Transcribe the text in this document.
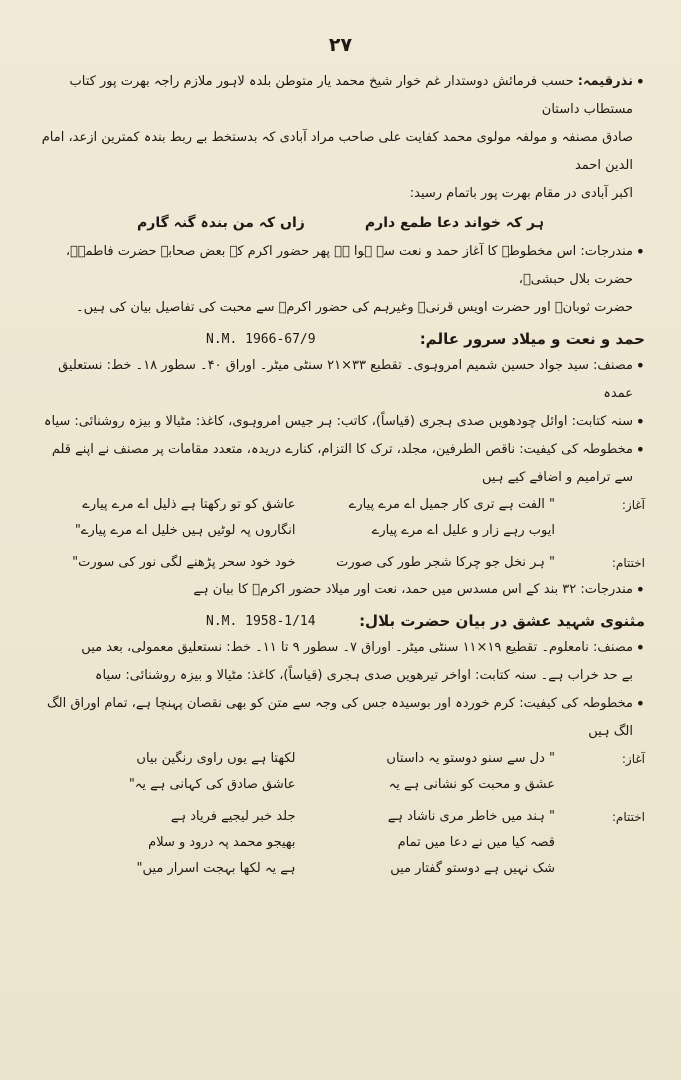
۲۷

•
نذرقیمہ: حسب فرمائش دوستدار غم خوار شیخ محمد یار متوطن بلدہ لاہور ملازم راجہ بھرت پور کتاب مستطاب داستان

صادق مصنفہ و مولفہ مولوی محمد کفایت علی صاحب مراد آبادی کہ بدستخط بے ربط بندہ کمترین ازعد، امام الدین احمد

اکبر آبادی در مقام بھرت پور باتمام رسید:

ہر کہ خواند دعا طمع دارم
زاں کہ من بندہ گنہ گارم

•
مندرجات: اس مخطوطہ کا آغاز حمد و نعت سے ہوا ہے پھر حضور اکرم کے بعض صحابہ حضرت فاطمہؓ، حضرت بلال حبشیؓ،

حضرت ثوبانؓ اور حضرت اویس قرنیؓ وغیرہم کی حضور اکرمؐ سے محبت کی تفاصیل بیان کی ہیں۔

حمد و نعت و میلاد سرور عالم:
N.M. 1966-67/9

•
مصنف: سید جواد حسین شمیم امروہوی۔ تقطیع ۳۳×۲۱ سنٹی میٹر۔ اوراق ۴۰۔ سطور ۱۸۔ خط: نستعلیق عمدہ

•
سنہ کتابت: اوائل چودھویں صدی ہجری (قیاساً)، کاتب: ہر جیس امروہوی، کاغذ: مٹیالا و بیزہ روشنائی: سیاہ

•
مخطوطہ کی کیفیت: ناقص الطرفین، مجلد، ترک کا التزام، کنارے دریدہ، متعدد مقامات پر مصنف نے اپنے قلم سے ترامیم و اضافے کیے ہیں

آغاز:
" الفت ہے تری کار جمیل اے مرے پیارے
عاشق کو تو رکھتا ہے ذلیل اے مرے پیارے
ایوب رہے زار و علیل اے مرے پیارے
انگاروں پہ لوٹیں ہیں خلیل اے مرے پیارے"
اختتام:
" ہر نخل جو چرکا شجر طور کی صورت
خود خود سحر پڑھنے لگی نور کی سورت"

•
مندرجات: ۳۲ بند کے اس مسدس میں حمد، نعت اور میلاد حضور اکرمؐ کا بیان ہے

مثنوی شہید عشق در بیان حضرت بلال:
N.M. 1958-1/14

•
مصنف: نامعلوم۔ تقطیع ۱۹×۱۱ سنٹی میٹر۔ اوراق ۷۔ سطور ۹ تا ۱۱۔ خط: نستعلیق معمولی، بعد میں

بے حد خراب ہے۔ سنہ کتابت: اواخر تیرھویں صدی ہجری (قیاساً)، کاغذ: مٹیالا و بیزہ روشنائی: سیاہ

•
مخطوطہ کی کیفیت: کرم خوردہ اور بوسیدہ جس کی وجہ سے متن کو بھی نقصان پہنچا ہے، تمام اوراق الگ الگ ہیں

آغاز:
" دل سے سنو دوستو یہ داستاں
لکھتا ہے یوں راوی رنگین بیاں
عشق و محبت کو نشانی ہے یہ
عاشق صادق کی کہانی ہے یہ"
اختتام:
" ہند میں خاطر مری ناشاد ہے
جلد خبر لیجیے فریاد ہے
قصہ کیا میں نے دعا میں تمام
بھیجو محمد پہ درود و سلام
شک نہیں ہے دوستو گفتار میں
ہے یہ لکھا بہجت اسرار میں"
